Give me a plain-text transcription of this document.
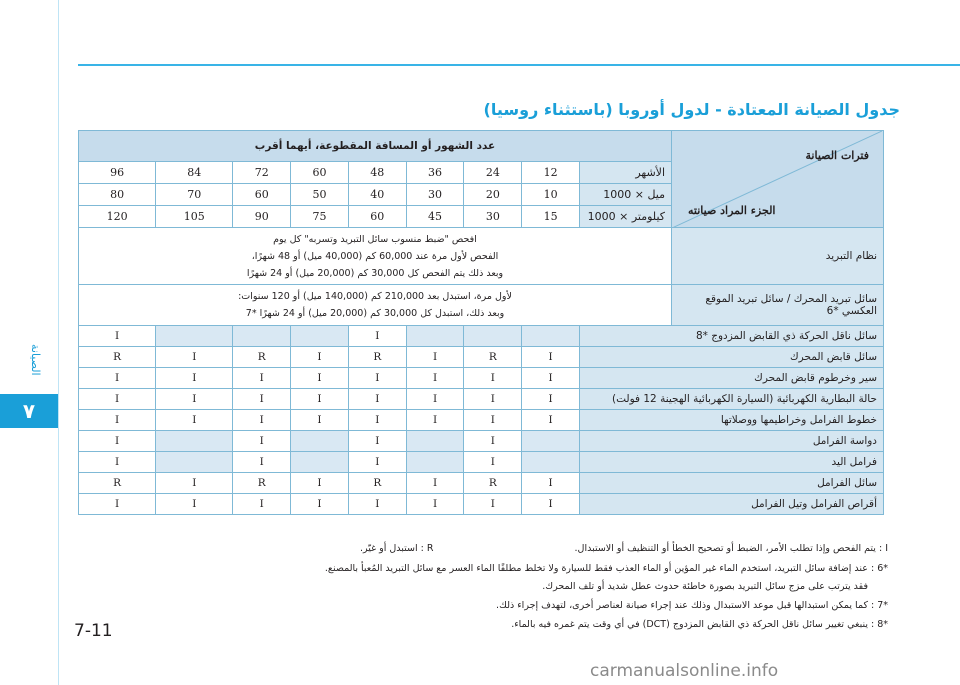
الصيانة
٧
جدول الصيانة المعتادة - لدول أوروبا (باستثناء روسيا)
فترات الصيانة
الجزء المراد صيانته	عدد الشهور أو المسافة المقطوعة، أيهما أقرب								
	الأشهر	12	24	36	48	60	72	84	96
	ميل × 1000	10	20	30	40	50	60	70	80
	كيلومتر × 1000	15	30	45	60	75	90	105	120
نظام التبريد	افحص "ضبط منسوب سائل التبريد وتسربه" كل يوم
الفحص لأول مرة عند 60,000 كم (40,000 ميل) أو 48 شهرًا،
وبعد ذلك يتم الفحص كل 30,000 كم (20,000 ميل) أو 24 شهرًا								

سائل تبريد المحرك / سائل تبريد الموقع العكسي *6	لأول مرة، استبدل بعد 210,000 كم (140,000 ميل) أو 120 سنوات:
وبعد ذلك، استبدل كل 30,000 كم (20,000 ميل) أو 24 شهرًا *7								

سائل ناقل الحركة ذي القابض المزدوج *8					I				I
سائل قابض المحرك		I	R	I	R	I	R	I	R
سير وخرطوم قابض المحرك		I	I	I	I	I	I	I	I
حالة البطارية الكهربائية (السيارة الكهربائية الهجينة 12 فولت)		I	I	I	I	I	I	I	I
خطوط الفرامل وخراطيمها ووصلاتها		I	I	I	I	I	I	I	I
دواسة الفرامل			I		I		I		I
فرامل اليد			I		I		I		I
سائل الفرامل		I	R	I	R	I	R	I	R
أقراص الفرامل وتيل الفرامل		I	I	I	I	I	I	I	I
I : يتم الفحص وإذا تطلب الأمر، الضبط أو تصحيح الخطأ أو التنظيف أو الاستبدال.
R : استبدل أو غيّر.
*6 : عند إضافة سائل التبريد، استخدم الماء غير المؤين أو الماء العذب فقط للسيارة ولا تخلط مطلقًا الماء العسر مع سائل التبريد المُعبأ بالمصنع.
فقد يترتب على مزج سائل التبريد بصورة خاطئة حدوث عطل شديد أو تلف المحرك.
*7 : كما يمكن استبدالها قبل موعد الاستبدال وذلك عند إجراء صيانة لعناصر أخرى، لتهدف إجراء ذلك.
*8 : ينبغي تغيير سائل ناقل الحركة ذي القابض المزدوج (DCT) في أي وقت يتم غمره فيه بالماء.
7-11
carmanualsonline.info
